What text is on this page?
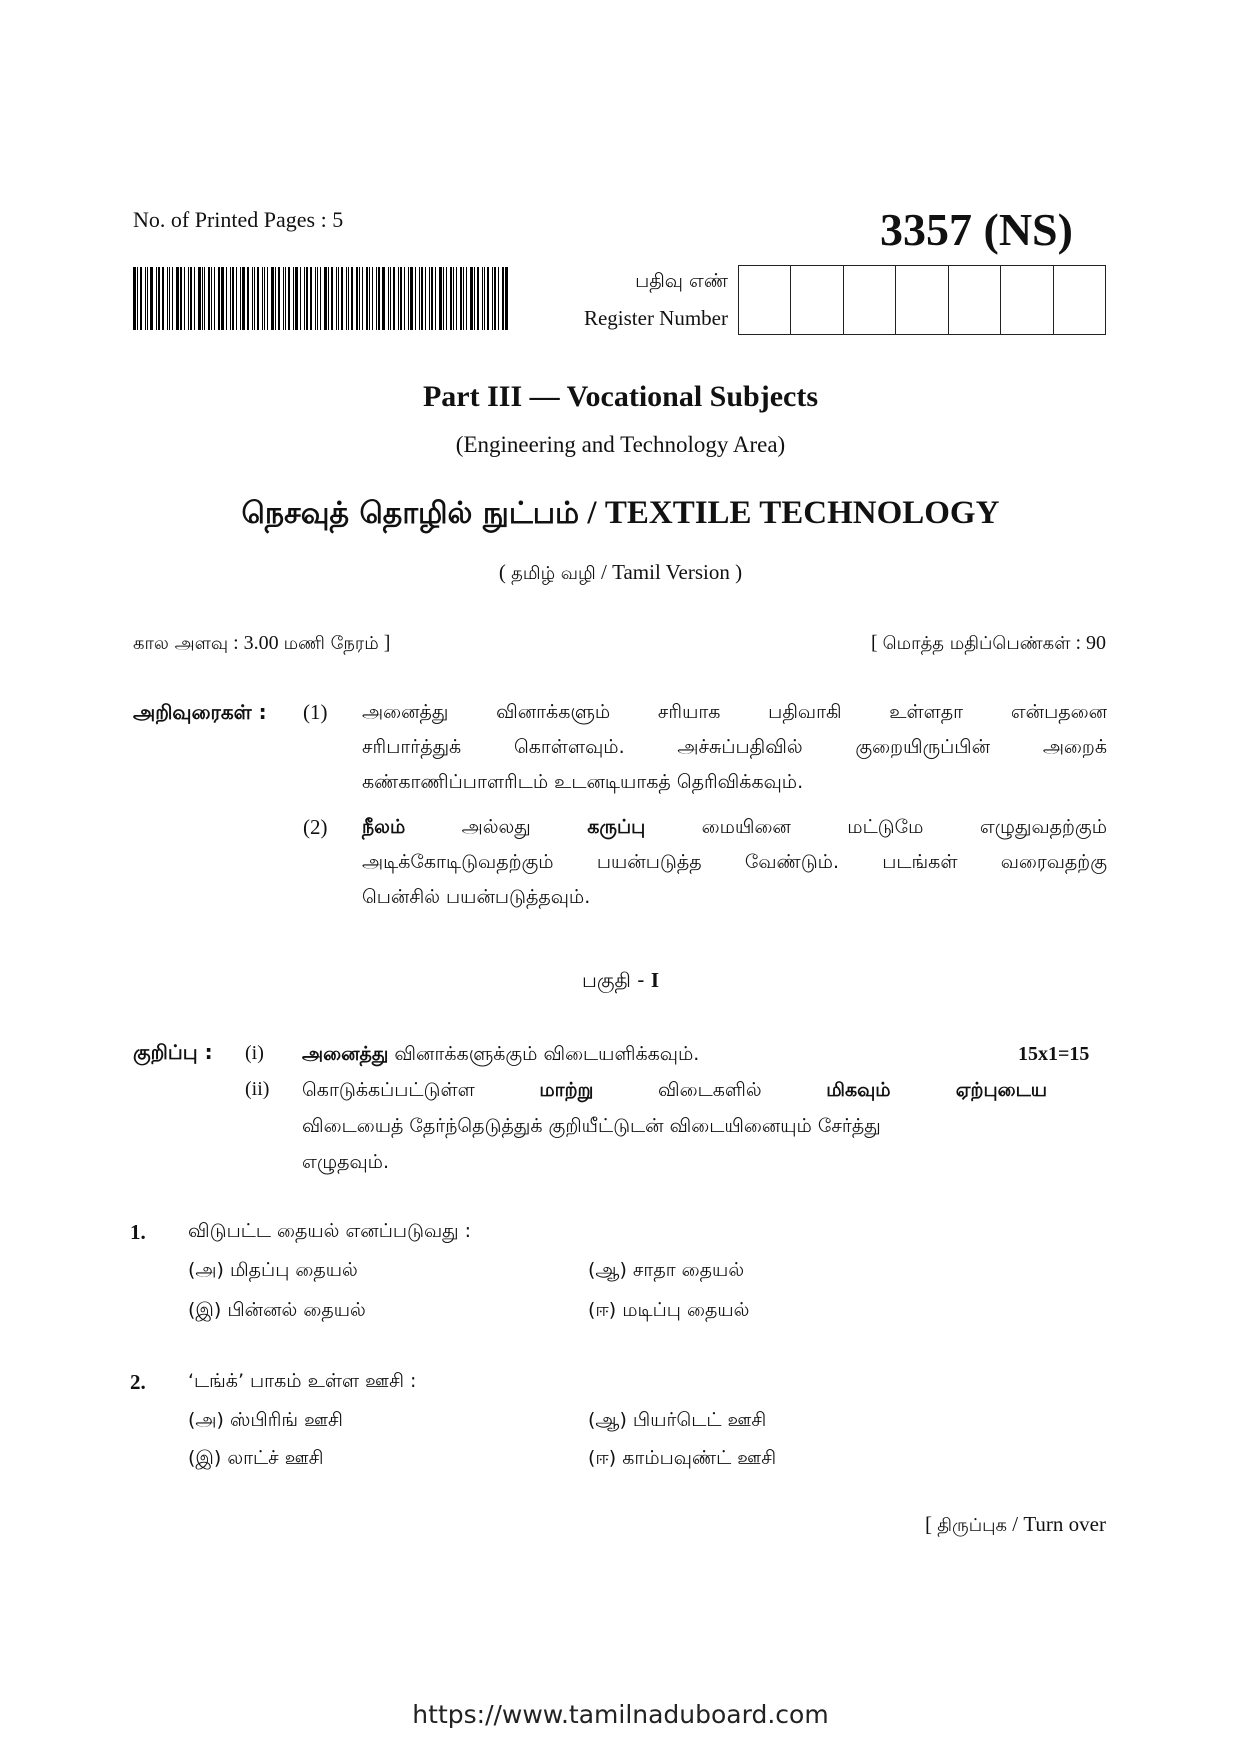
No. of Printed Pages : 5	3357 (NS)
பதிவு எண்
Register Number
Part III — Vocational Subjects
(Engineering and Technology Area)
நெசவுத் தொழில் நுட்பம் / TEXTILE TECHNOLOGY
( தமிழ் வழி / Tamil Version )
கால அளவு : 3.00 மணி நேரம் ]	[ மொத்த மதிப்பெண்கள் : 90
அறிவுரைகள் : (1) அனைத்து வினாக்களும் சரியாக பதிவாகி உள்ளதா என்பதனை
சரிபார்த்துக் கொள்ளவும். அச்சுப்பதிவில் குறையிருப்பின் அறைக்
கண்காணிப்பாளரிடம் உடனடியாகத் தெரிவிக்கவும்.
(2) நீலம் அல்லது கருப்பு மையினை மட்டுமே எழுதுவதற்கும்
அடிக்கோடிடுவதற்கும் பயன்படுத்த வேண்டும். படங்கள் வரைவதற்கு
பென்சில் பயன்படுத்தவும்.
பகுதி - I
குறிப்பு :	15x1=15
(i) அனைத்து வினாக்களுக்கும் விடையளிக்கவும்.
(ii) கொடுக்கப்பட்டுள்ள மாற்று விடைகளில் மிகவும் ஏற்புடைய
விடையைத் தேர்ந்தெடுத்துக் குறியீட்டுடன் விடையினையும் சேர்த்து
எழுதவும்.
1. விடுபட்ட தையல் எனப்படுவது :
(அ) மிதப்பு தையல்	(ஆ) சாதா தையல்
(இ) பின்னல் தையல்	(ஈ) மடிப்பு தையல்
2. ‘டங்க்’ பாகம் உள்ள ஊசி :
(அ) ஸ்பிரிங் ஊசி	(ஆ) பியர்டெட் ஊசி
(இ) லாட்ச் ஊசி	(ஈ) காம்பவுண்ட் ஊசி
[ திருப்புக / Turn over
https://www.tamilnaduboard.com
